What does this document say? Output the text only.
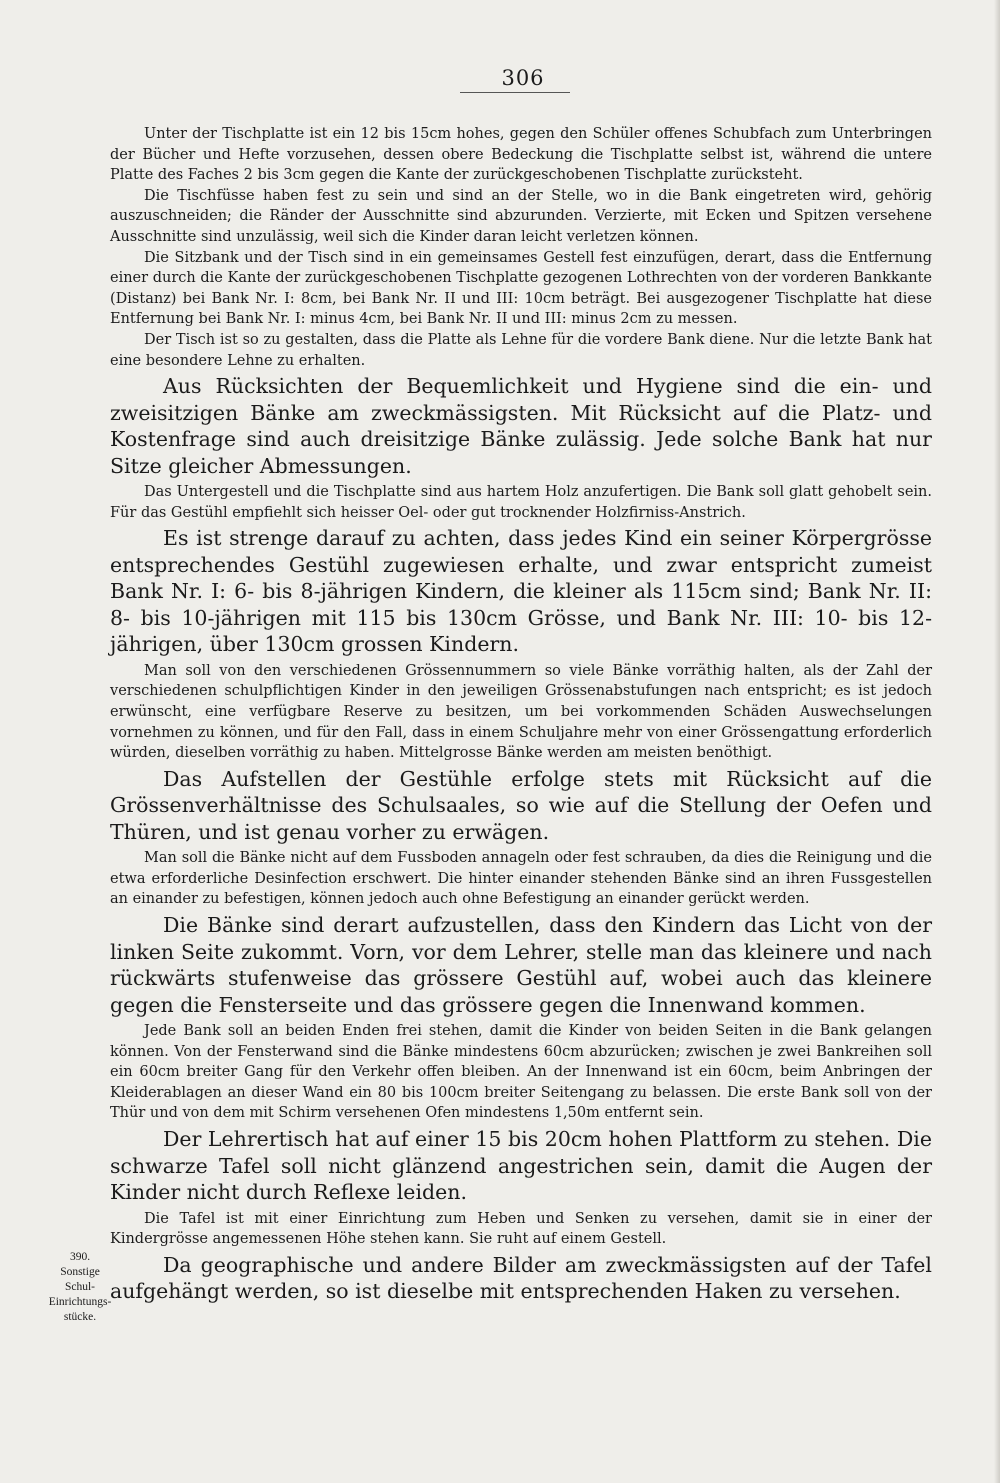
306

Unter der Tischplatte ist ein 12 bis 15cm hohes, gegen den Schüler offenes Schubfach zum Unterbringen der Bücher und Hefte vorzusehen, dessen obere Bedeckung die Tischplatte selbst ist, während die untere Platte des Faches 2 bis 3cm gegen die Kante der zurückgeschobenen Tischplatte zurücksteht.

Die Tischfüsse haben fest zu sein und sind an der Stelle, wo in die Bank eingetreten wird, gehörig auszuschneiden; die Ränder der Ausschnitte sind abzurunden. Verzierte, mit Ecken und Spitzen versehene Ausschnitte sind unzulässig, weil sich die Kinder daran leicht verletzen können.

Die Sitzbank und der Tisch sind in ein gemeinsames Gestell fest einzufügen, derart, dass die Entfernung einer durch die Kante der zurückgeschobenen Tischplatte gezogenen Lothrechten von der vorderen Bankkante (Distanz) bei Bank Nr. I: 8cm, bei Bank Nr. II und III: 10cm beträgt. Bei ausgezogener Tischplatte hat diese Entfernung bei Bank Nr. I: minus 4cm, bei Bank Nr. II und III: minus 2cm zu messen.

Der Tisch ist so zu gestalten, dass die Platte als Lehne für die vordere Bank diene. Nur die letzte Bank hat eine besondere Lehne zu erhalten.

Aus Rücksichten der Bequemlichkeit und Hygiene sind die ein- und zweisitzigen Bänke am zweckmässigsten. Mit Rücksicht auf die Platz- und Kostenfrage sind auch dreisitzige Bänke zulässig. Jede solche Bank hat nur Sitze gleicher Abmessungen.

Das Untergestell und die Tischplatte sind aus hartem Holz anzufertigen. Die Bank soll glatt gehobelt sein. Für das Gestühl empfiehlt sich heisser Oel- oder gut trocknender Holzfirniss-Anstrich.

Es ist strenge darauf zu achten, dass jedes Kind ein seiner Körpergrösse entsprechendes Gestühl zugewiesen erhalte, und zwar entspricht zumeist Bank Nr. I: 6- bis 8-jährigen Kindern, die kleiner als 115cm sind; Bank Nr. II: 8- bis 10-jährigen mit 115 bis 130cm Grösse, und Bank Nr. III: 10- bis 12-jährigen, über 130cm grossen Kindern.

Man soll von den verschiedenen Grössennummern so viele Bänke vorräthig halten, als der Zahl der verschiedenen schulpflichtigen Kinder in den jeweiligen Grössenabstufungen nach entspricht; es ist jedoch erwünscht, eine verfügbare Reserve zu besitzen, um bei vorkommenden Schäden Auswechselungen vornehmen zu können, und für den Fall, dass in einem Schuljahre mehr von einer Grössengattung erforderlich würden, dieselben vorräthig zu haben. Mittelgrosse Bänke werden am meisten benöthigt.

Das Aufstellen der Gestühle erfolge stets mit Rücksicht auf die Grössenverhältnisse des Schulsaales, so wie auf die Stellung der Oefen und Thüren, und ist genau vorher zu erwägen.

Man soll die Bänke nicht auf dem Fussboden annageln oder fest schrauben, da dies die Reinigung und die etwa erforderliche Desinfection erschwert. Die hinter einander stehenden Bänke sind an ihren Fussgestellen an einander zu befestigen, können jedoch auch ohne Befestigung an einander gerückt werden.

Die Bänke sind derart aufzustellen, dass den Kindern das Licht von der linken Seite zukommt. Vorn, vor dem Lehrer, stelle man das kleinere und nach rückwärts stufenweise das grössere Gestühl auf, wobei auch das kleinere gegen die Fensterseite und das grössere gegen die Innenwand kommen.

Jede Bank soll an beiden Enden frei stehen, damit die Kinder von beiden Seiten in die Bank gelangen können. Von der Fensterwand sind die Bänke mindestens 60cm abzurücken; zwischen je zwei Bankreihen soll ein 60cm breiter Gang für den Verkehr offen bleiben. An der Innenwand ist ein 60cm, beim Anbringen der Kleiderablagen an dieser Wand ein 80 bis 100cm breiter Seitengang zu belassen. Die erste Bank soll von der Thür und von dem mit Schirm versehenen Ofen mindestens 1,50m entfernt sein.

Der Lehrertisch hat auf einer 15 bis 20cm hohen Plattform zu stehen. Die schwarze Tafel soll nicht glänzend angestrichen sein, damit die Augen der Kinder nicht durch Reflexe leiden.

Die Tafel ist mit einer Einrichtung zum Heben und Senken zu versehen, damit sie in einer der Kindergrösse angemessenen Höhe stehen kann. Sie ruht auf einem Gestell.

Da geographische und andere Bilder am zweckmässigsten auf der Tafel aufgehängt werden, so ist dieselbe mit entsprechenden Haken zu versehen.

390.
Sonstige
Schul-
Einrichtungs-
stücke.
